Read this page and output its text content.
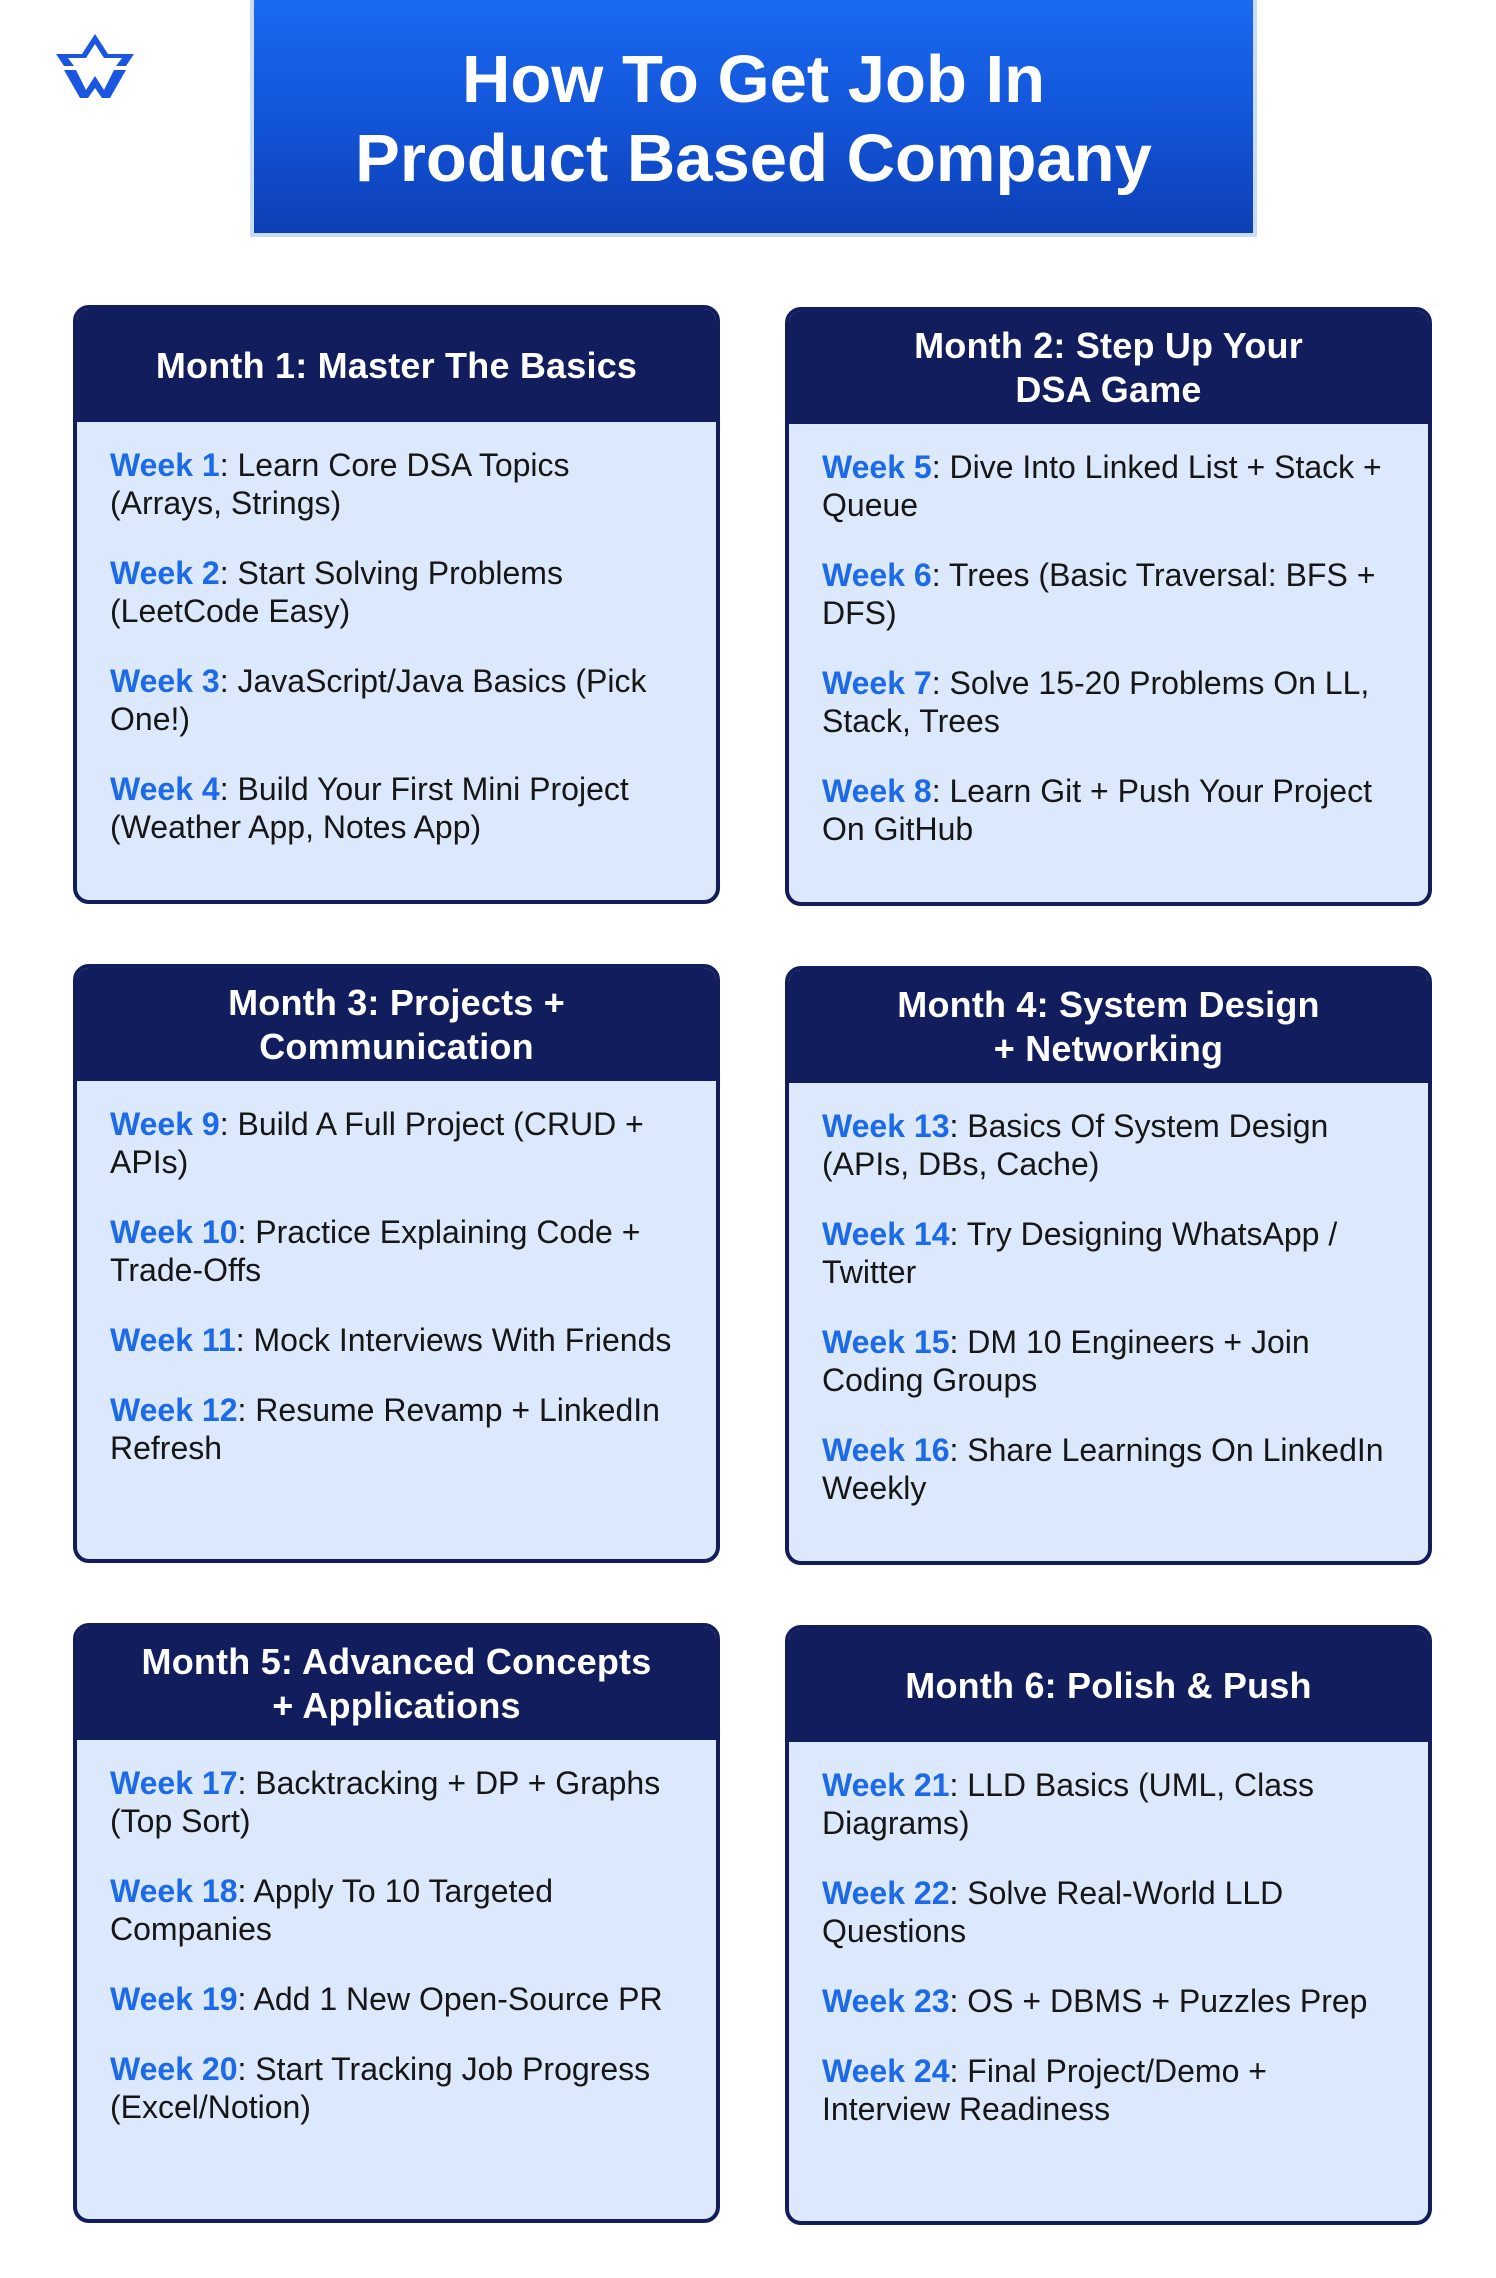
How To Get Job In
Product Based Company
Month 1: Master The Basics
Week 1: Learn Core DSA Topics (Arrays, Strings)
Week 2: Start Solving Problems (LeetCode Easy)
Week 3: JavaScript/Java Basics (Pick One!)
Week 4: Build Your First Mini Project (Weather App, Notes App)
Month 2: Step Up Your
DSA Game
Week 5: Dive Into Linked List + Stack + Queue
Week 6: Trees (Basic Traversal: BFS + DFS)
Week 7: Solve 15-20 Problems On LL, Stack, Trees
Week 8: Learn Git + Push Your Project On GitHub
Month 3: Projects +
Communication
Week 9: Build A Full Project (CRUD + APIs)
Week 10: Practice Explaining Code + Trade-Offs
Week 11: Mock Interviews With Friends
Week 12: Resume Revamp + LinkedIn Refresh
Month 4: System Design
+ Networking
Week 13: Basics Of System Design (APIs, DBs, Cache)
Week 14: Try Designing WhatsApp / Twitter
Week 15: DM 10 Engineers + Join Coding Groups
Week 16: Share Learnings On LinkedIn Weekly
Month 5: Advanced Concepts
+ Applications
Week 17: Backtracking + DP + Graphs (Top Sort)
Week 18: Apply To 10 Targeted Companies
Week 19: Add 1 New Open-Source PR
Week 20: Start Tracking Job Progress (Excel/Notion)
Month 6: Polish & Push
Week 21: LLD Basics (UML, Class Diagrams)
Week 22: Solve Real-World LLD Questions
Week 23: OS + DBMS + Puzzles Prep
Week 24: Final Project/Demo + Interview Readiness
